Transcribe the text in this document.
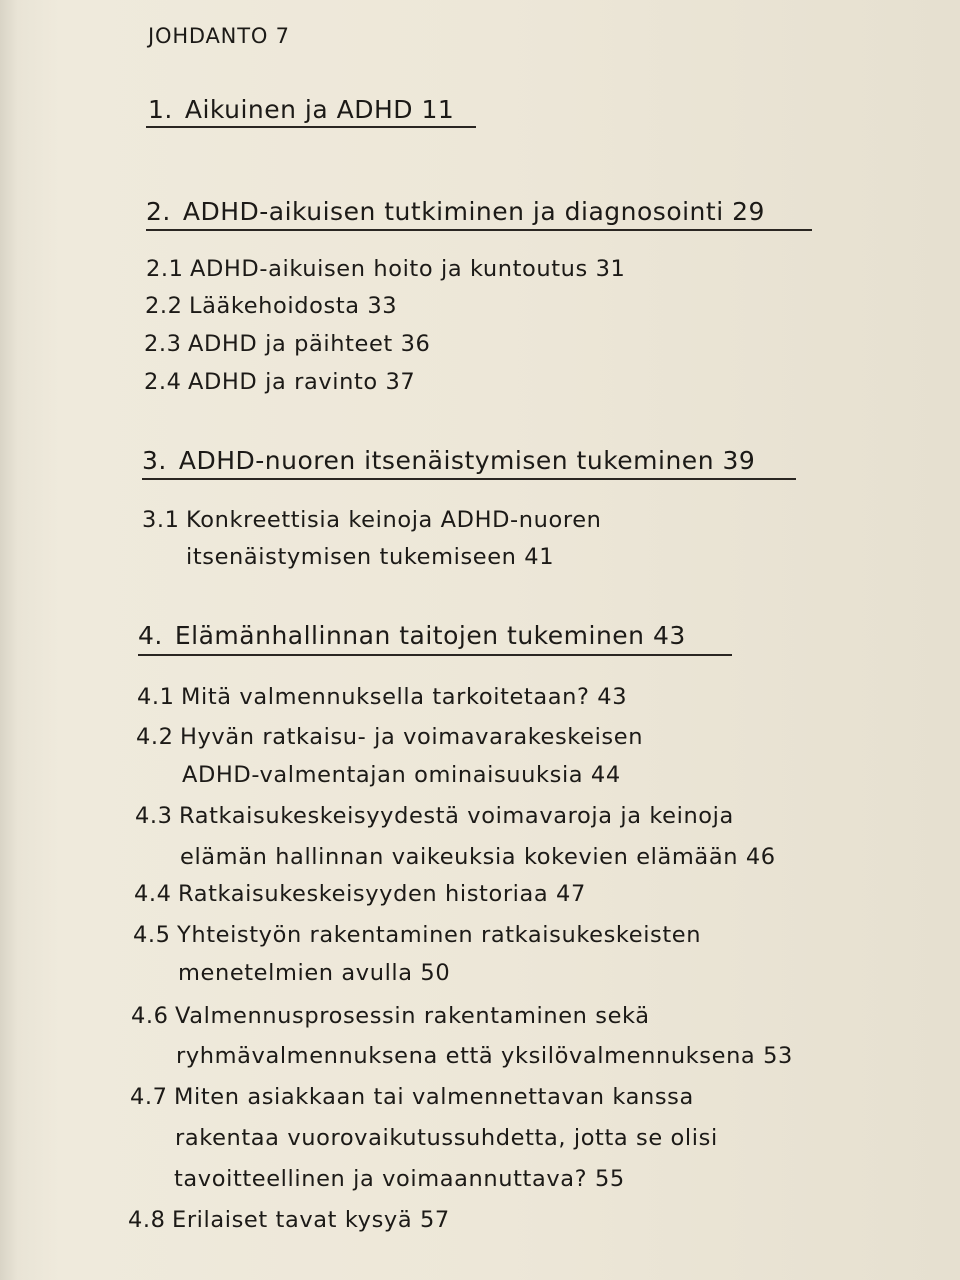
JOHDANTO 7
1. Aikuinen ja ADHD 11
2. ADHD-aikuisen tutkiminen ja diagnosointi 29
2.1 ADHD-aikuisen hoito ja kuntoutus 31
2.2 Lääkehoidosta 33
2.3 ADHD ja päihteet 36
2.4 ADHD ja ravinto 37
3. ADHD-nuoren itsenäistymisen tukeminen 39
3.1 Konkreettisia keinoja ADHD-nuoren
itsenäistymisen tukemiseen 41
4. Elämänhallinnan taitojen tukeminen 43
4.1 Mitä valmennuksella tarkoitetaan? 43
4.2 Hyvän ratkaisu- ja voimavarakeskeisen
ADHD-valmentajan ominaisuuksia 44
4.3 Ratkaisukeskeisyydestä voimavaroja ja keinoja
elämän hallinnan vaikeuksia kokevien elämään 46
4.4 Ratkaisukeskeisyyden historiaa 47
4.5 Yhteistyön rakentaminen ratkaisukeskeisten
menetelmien avulla 50
4.6 Valmennusprosessin rakentaminen sekä
ryhmävalmennuksena että yksilövalmennuksena 53
4.7 Miten asiakkaan tai valmennettavan kanssa
rakentaa vuorovaikutussuhdetta, jotta se olisi
tavoitteellinen ja voimaannuttava? 55
4.8 Erilaiset tavat kysyä 57
